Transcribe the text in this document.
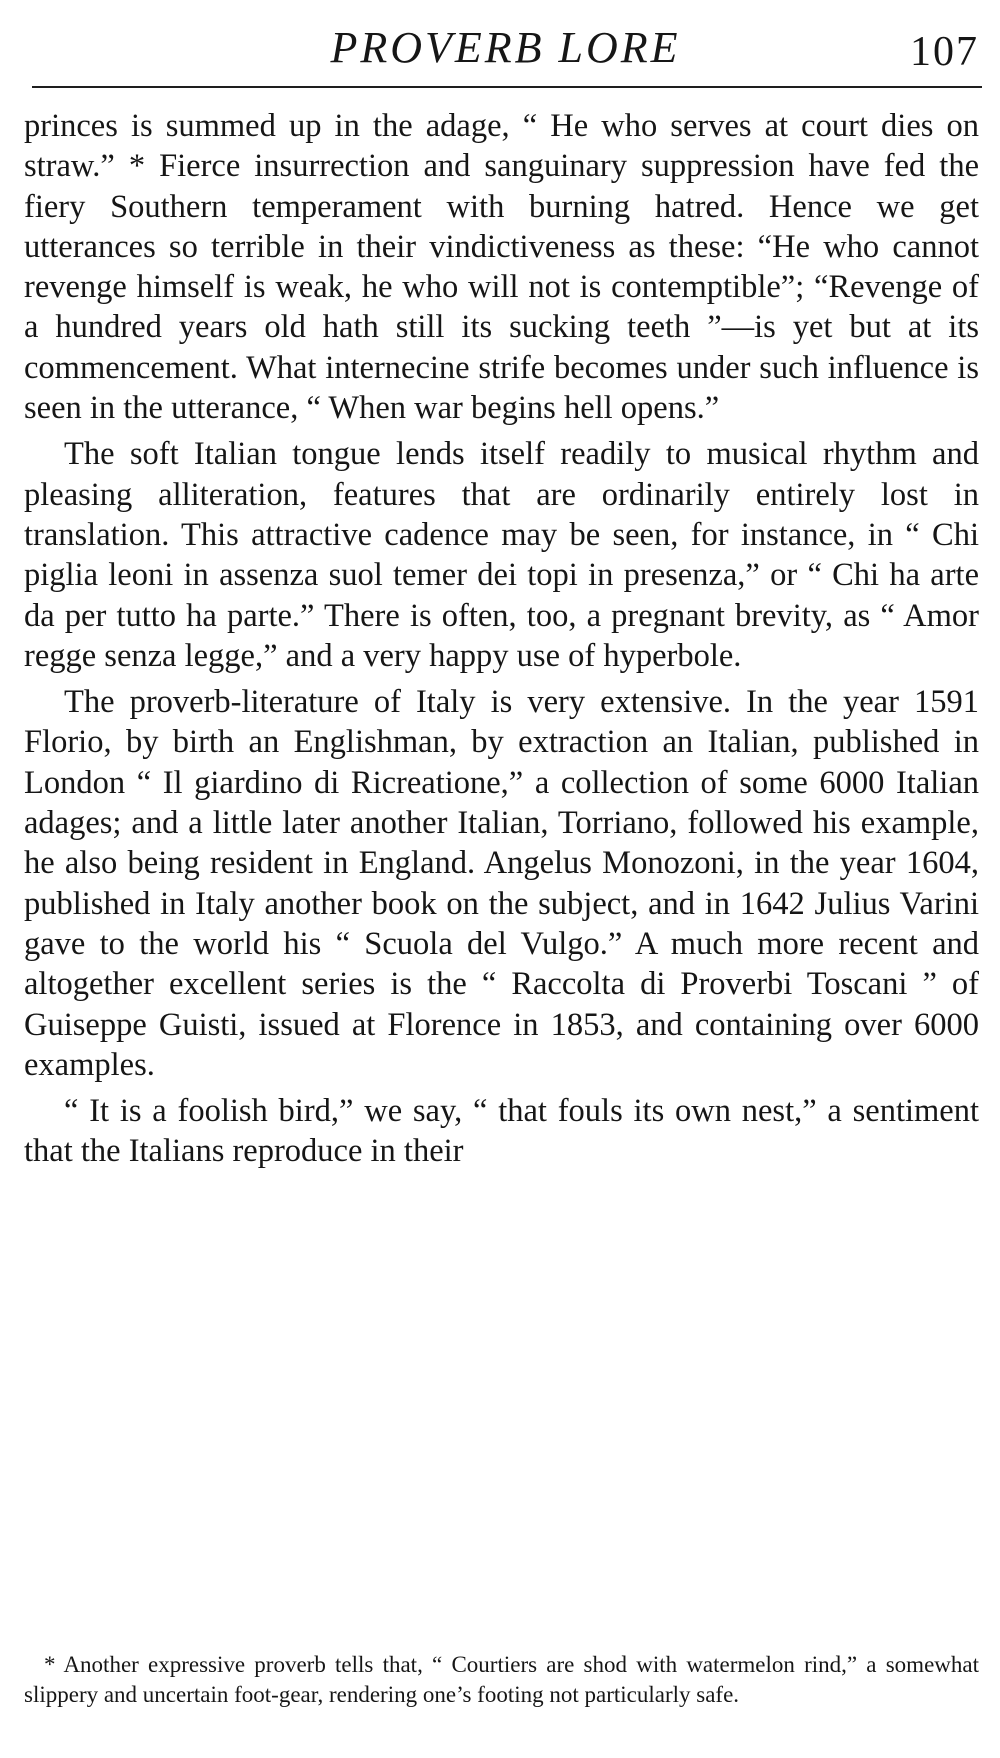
PROVERB LORE	107

princes is summed up in the adage, “ He who serves at court dies on straw.” * Fierce insurrection and sanguinary suppression have fed the fiery Southern temperament with burning hatred. Hence we get utterances so terrible in their vindictiveness as these: “He who cannot revenge himself is weak, he who will not is contemptible”; “Revenge of a hundred years old hath still its sucking teeth ”—is yet but at its commencement. What internecine strife becomes under such influence is seen in the utterance, “ When war begins hell opens.”

The soft Italian tongue lends itself readily to musical rhythm and pleasing alliteration, features that are ordinarily entirely lost in translation. This attractive cadence may be seen, for instance, in “ Chi piglia leoni in assenza suol temer dei topi in presenza,” or “ Chi ha arte da per tutto ha parte.” There is often, too, a pregnant brevity, as “ Amor regge senza legge,” and a very happy use of hyperbole.

The proverb-literature of Italy is very extensive. In the year 1591 Florio, by birth an Englishman, by extraction an Italian, published in London “ Il giardino di Ricreatione,” a collection of some 6000 Italian adages; and a little later another Italian, Torriano, followed his example, he also being resident in England. Angelus Monozoni, in the year 1604, published in Italy another book on the subject, and in 1642 Julius Varini gave to the world his “ Scuola del Vulgo.” A much more recent and altogether excellent series is the “ Raccolta di Proverbi Toscani ” of Guiseppe Guisti, issued at Florence in 1853, and containing over 6000 examples.

“ It is a foolish bird,” we say, “ that fouls its own nest,” a sentiment that the Italians reproduce in their

* Another expressive proverb tells that, “ Courtiers are shod with watermelon rind,” a somewhat slippery and uncertain foot-gear, rendering one’s footing not particularly safe.
